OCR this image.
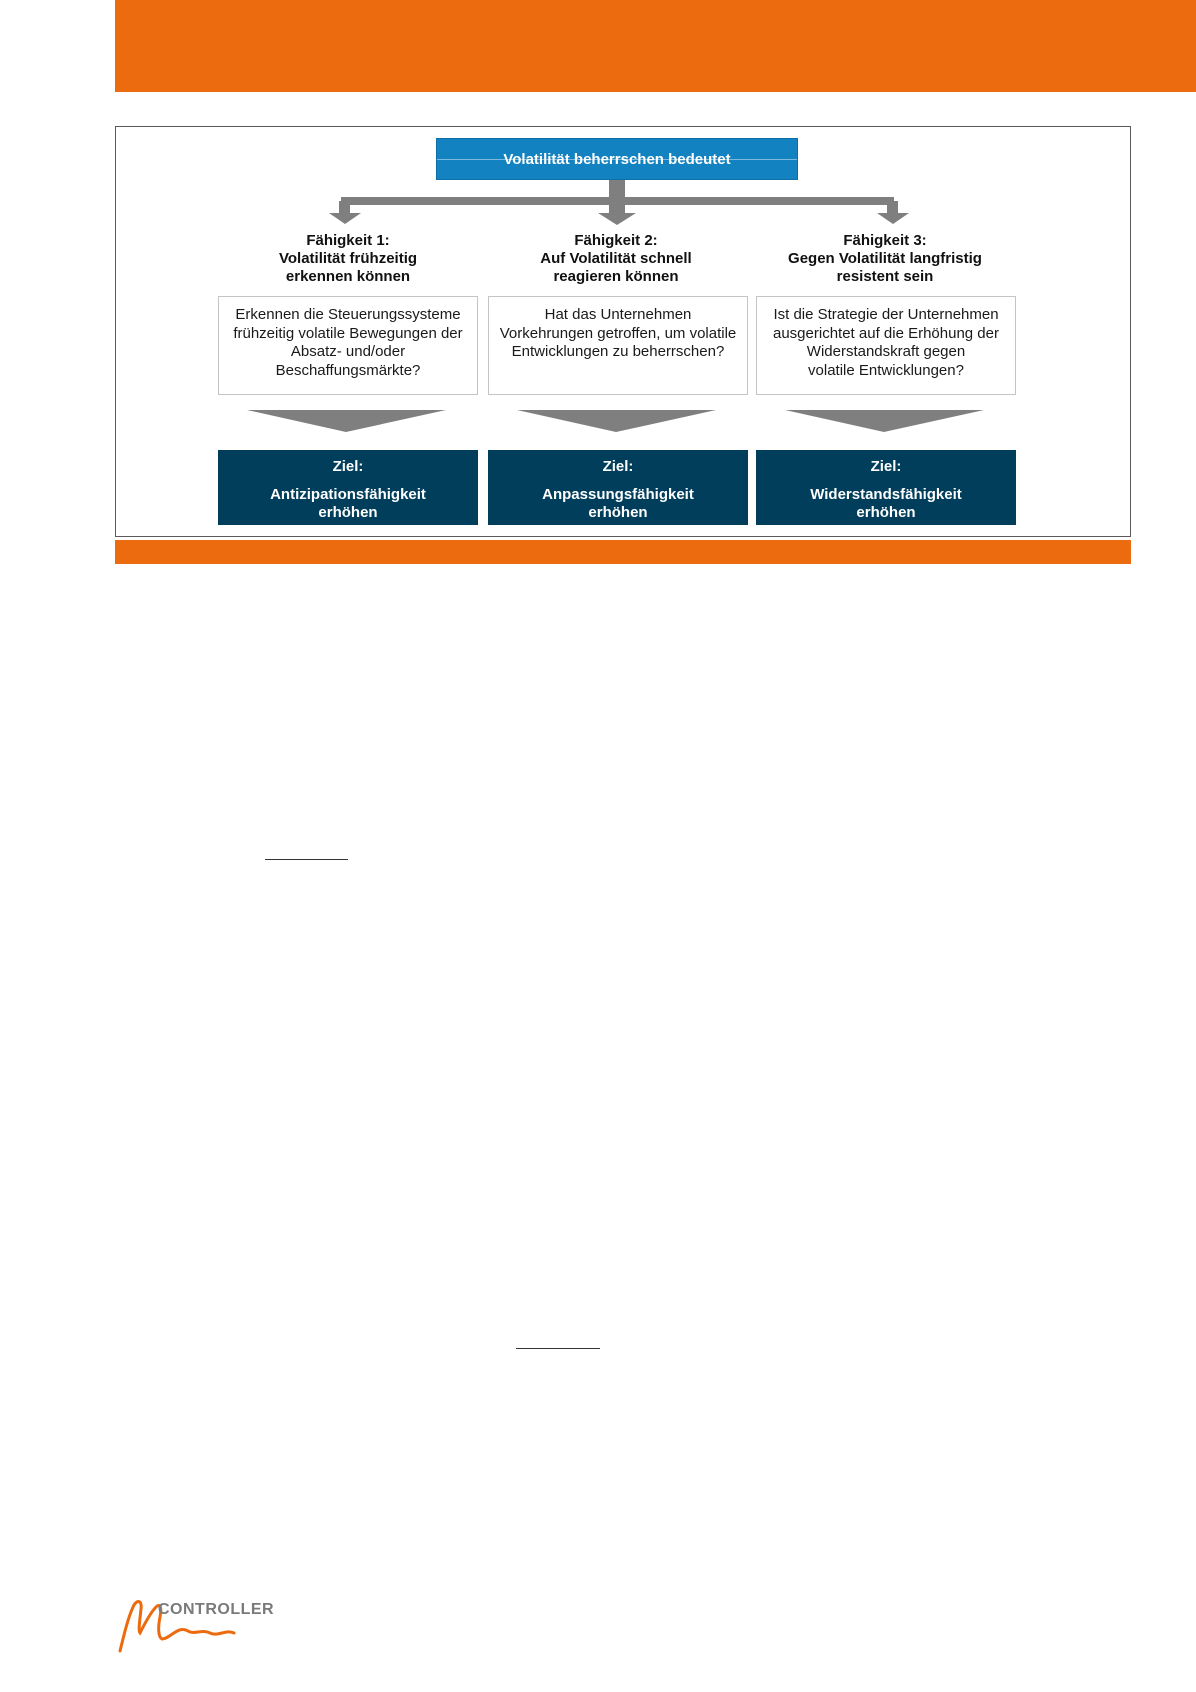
Volatilität beherrschen bedeutet
Fähigkeit 1:
Volatilität frühzeitig
erkennen können
Erkennen die Steuerungssysteme
frühzeitig volatile Bewegungen der
Absatz- und/oder
Beschaffungsmärkte?
Ziel:
Antizipationsfähigkeit
erhöhen
Fähigkeit 2:
Auf Volatilität schnell
reagieren können
Hat das Unternehmen
Vorkehrungen getroffen, um volatile
Entwicklungen zu beherrschen?
Ziel:
Anpassungsfähigkeit
erhöhen
Fähigkeit 3:
Gegen Volatilität langfristig
resistent sein
Ist die Strategie der Unternehmen
ausgerichtet auf die Erhöhung der
Widerstandskraft gegen
volatile Entwicklungen?
Ziel:
Widerstandsfähigkeit
erhöhen
CONTROLLER
